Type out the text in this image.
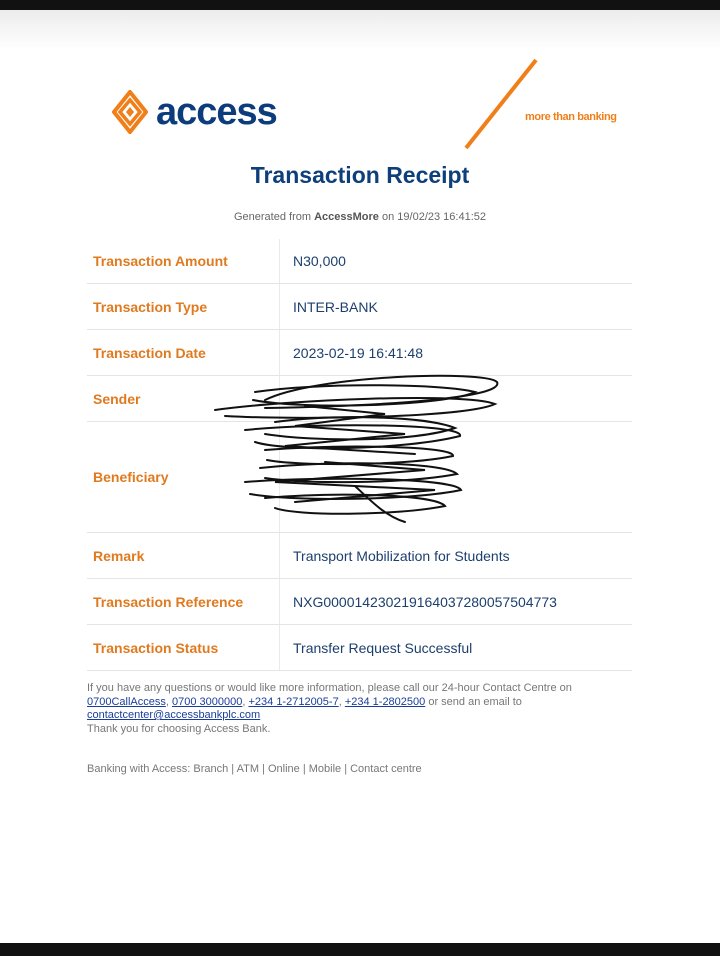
access	more than banking
Transaction Receipt
Generated from AccessMore on 19/02/23 16:41:52
Transaction Amount	N30,000
Transaction Type	INTER-BANK
Transaction Date	2023-02-19 16:41:48
Sender
Beneficiary
Remark	Transport Mobilization for Students
Transaction Reference	NXG000014230219164037280057504773
Transaction Status	Transfer Request Successful
If you have any questions or would like more information, please call our 24-hour Contact Centre on
0700CallAccess, 0700 3000000, +234 1-2712005-7, +234 1-2802500 or send an email to
contactcenter@accessbankplc.com
Thank you for choosing Access Bank.
Banking with Access: Branch | ATM | Online | Mobile | Contact centre
